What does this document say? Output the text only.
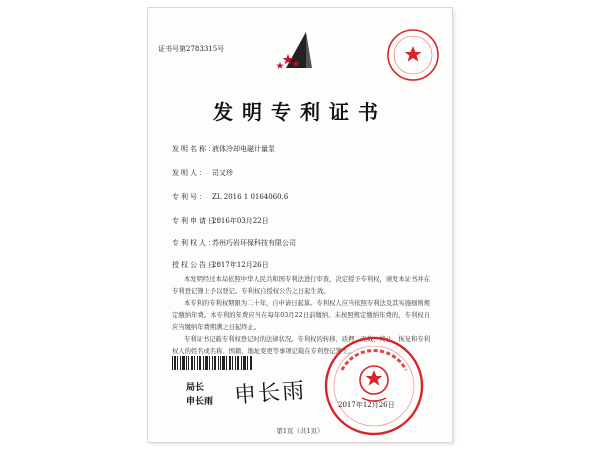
证书号第2783315号
发明专利证书
发明名称：液体冷却电磁计量泵
发明人： 司又珍
专利号： ZL 2016 1 0164060.6
专利申请日：2016年03月22日
专利权人：苏州巧岩环保科技有限公司
授权公告日：2017年12月26日
本发明经过本局依照中华人民共和国专利法进行审查，决定授予专利权，颁发本证书并在专利登记簿上予以登记。专利权自授权公告之日起生效。
本专利的专利权期限为二十年，自申请日起算。专利权人应当依照专利法及其实施细则规定缴纳年费。本专利的年费应当在每年03月22日前缴纳。未按照规定缴纳年费的，专利权自应当缴纳年费期满之日起终止。
专利证书记载专利权登记时的法律状况。专利权的转移、质押、无效、终止、恢复和专利权人的姓名或名称、国籍、地址变更等事项记载在专利登记簿上。
局长
申长雨 申长雨	2017年12月26日
第1页（共1页）
